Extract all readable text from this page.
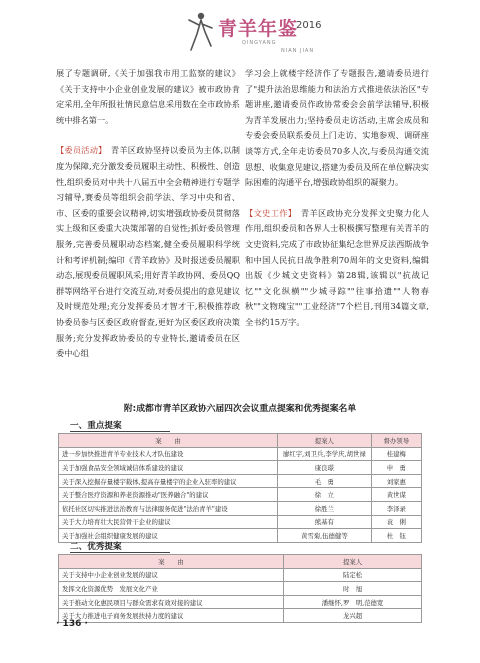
青羊年鉴
2016
QINGYANG
NIAN JIAN

展了专题调研,《关于加强我市用工监察的建议》《关于支持中小企业创业发展的建议》被市政协肯定采用,全年所报社情民意信息采用数在全市政协系统中排名第一。

【委员活动】  青羊区政协坚持以委员为主体,以制度为保障,充分激发委员履职主动性、积极性、创造性,组织委员对中共十八届五中全会精神进行专题学习辅导,赛委员等组织会前学法、学习中央和省、市、区委的重要会议精神,切实增强政协委员贯彻落实上级和区委重大决策部署的自觉性;抓好委员管理服务,完善委员履职动态档案,健全委员履职科学统计和考评机制;编印《青羊政协》及时报送委员履职动态,展现委员履职风采;用好青羊政协网、委员QQ群等网络平台进行交流互动,对委员提出的意见建议及时规范处理;充分发挥委员才智才干,积极推荐政协委员参与区委区政府督查,更好为区委区政府决策服务;充分发挥政协委员的专业特长,邀请委员在区委中心组

学习会上就楼宇经济作了专题报告,邀请委员进行了"提升法治思维能力和法治方式推进依法治区"专题讲座,邀请委员作政协常委会会前学法辅导,积极为青羊发展出力;坚持委员走访活动,主席会成员和专委会委员联系委员上门走访、实地参观、调研座谈等方式,全年走访委员70多人次,与委员沟通交流思想、收集意见建议,搭建为委员及所在单位解决实际困难的沟通平台,增强政协组织的凝聚力。

【文史工作】  青羊区政协充分发挥文史聚力化人作用,组织委员和各界人士积极撰写整理有关青羊的文史资料,完成了市政协征集纪念世界反法西斯战争和中国人民抗日战争胜利70周年的文史资料,编辑出版《少城文史资料》第28辑,该辑以"抗战记忆""文化纵横""少城寻踪""往事拾遗""人物春秋""文物瑰宝""工业经济"7个栏目,刊用34篇文章,全书约15万字。

附:成都市青羊区政协六届四次会议重点提案和优秀提案名单
一、重点提案
案　　由	提案人	督办领导
进一步加快推进青羊专业技术人才队伍建设	廖红宇,刘卫兵,李学庆,胡世禄	桂建梅
关于加强食品安全领域诚信体系建设的建议	康良璟	申　勇
关于深入挖掘存量楼宇载体,提高存量楼宇的企业入驻率的建议	毛　勇	刘家惠
关于整合医疗资源和养老资源推动"医养融合"的建议	徐　立	黄世谋
依托社区切实推进法治教育与法律服务促进"法治青羊"建设	徐胜兰	李泽录
关于大力培育壮大民营骨干企业的建议	熊基有	袁　俐
关于加强社会组织健康发展的建议	黄雪菊,伍德健等	杜　钰
二、优秀提案
案　　由	提案人
关于支持中小企业创业发展的建议	陆定松
发挥文化资源优势　发展文化产业	时　旭
关于推动文化惠民项目与群众需求有效对接的建议	潘继怀,罗　明,范德宽
关于大力推进电子商务发展扶持力度的建议	龙兴超
· 136 ·
